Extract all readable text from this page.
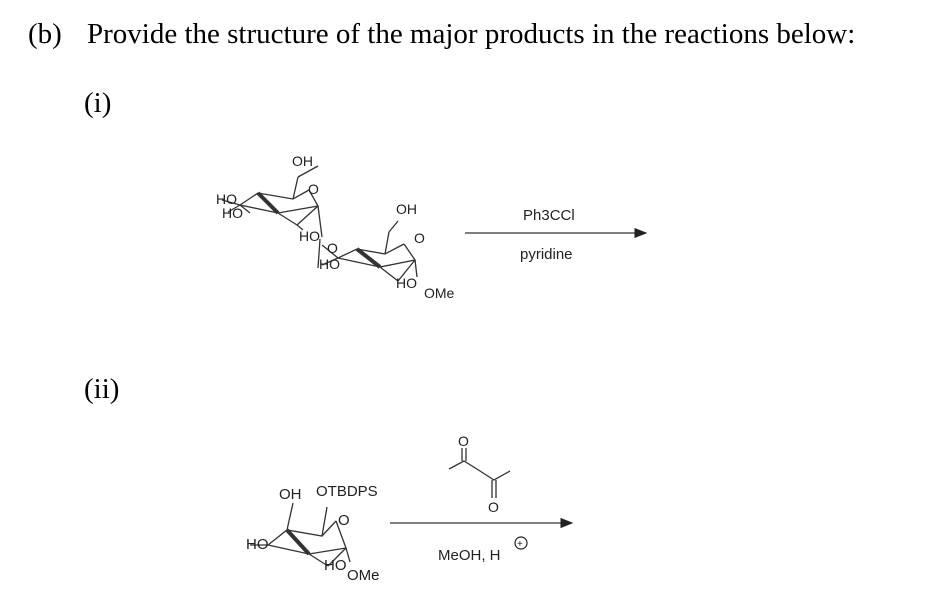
(b) Provide the structure of the major products in the reactions below:
(i)
(ii)
OH
O
HO
HO
HO
O
OH
O
HO
HO
OMe
Ph3CCl
pyridine
OH OTBDPS
O
HO
HO
OMe
O
O
MeOH, H
+
